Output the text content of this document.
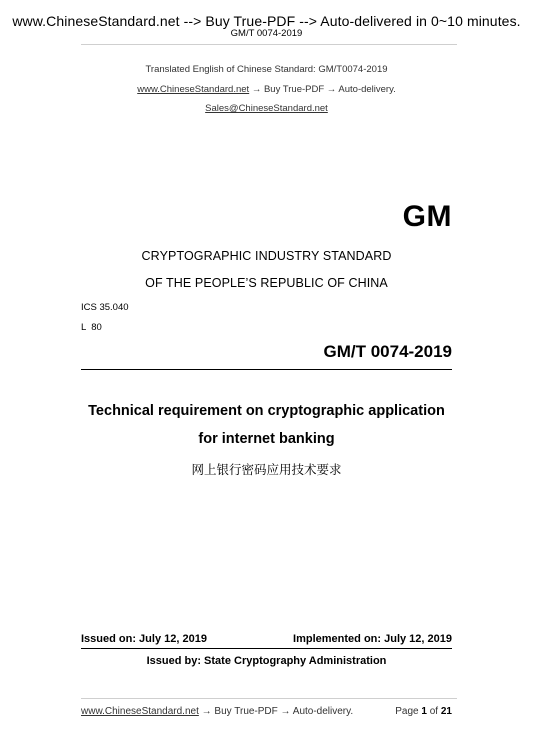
www.ChineseStandard.net --> Buy True-PDF --> Auto-delivered in 0~10 minutes.
GM/T 0074-2019
Translated English of Chinese Standard: GM/T0074-2019
www.ChineseStandard.net → Buy True-PDF → Auto-delivery.
Sales@ChineseStandard.net
GM
CRYPTOGRAPHIC INDUSTRY STANDARD
OF THE PEOPLE’S REPUBLIC OF CHINA
ICS 35.040
L  80
GM/T 0074-2019
Technical requirement on cryptographic application
for internet banking
网上银行密码应用技术要求
Issued on: July 12, 2019	Implemented on: July 12, 2019
Issued by: State Cryptography Administration
www.ChineseStandard.net → Buy True-PDF → Auto-delivery.	Page 1 of 21
